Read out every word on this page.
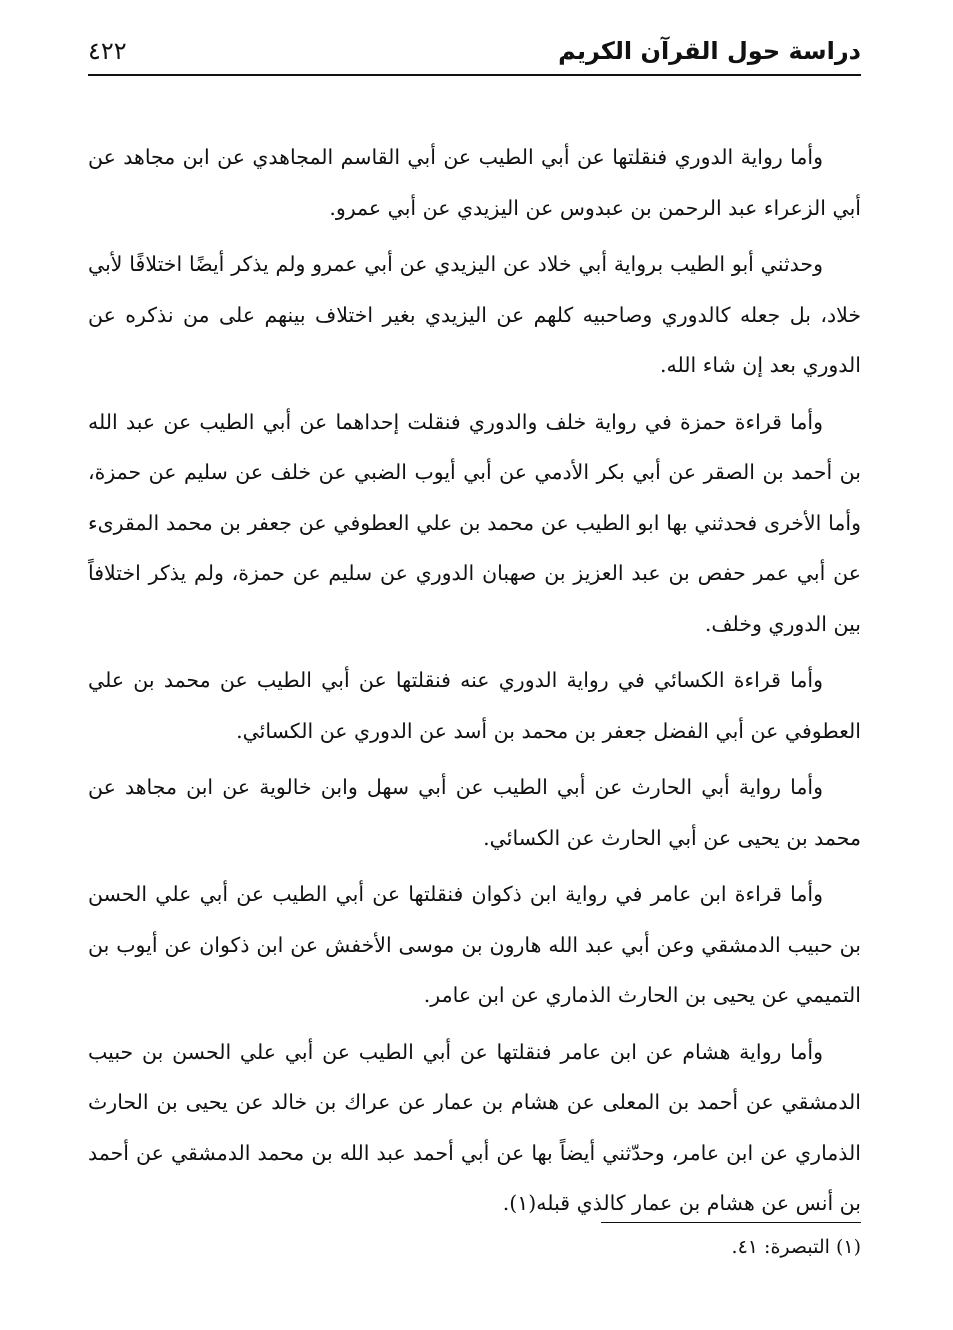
دراسة حول القرآن الكريم
٤٢٢

وأما رواية الدوري فنقلتها عن أبي الطيب عن أبي القاسم المجاهدي عن ابن مجاهد عن أبي الزعراء عبد الرحمن بن عبدوس عن اليزيدي عن أبي عمرو.

وحدثني أبو الطيب برواية أبي خلاد عن اليزيدي عن أبي عمرو ولم يذكر أيضًا اختلافًا لأبي خلاد، بل جعله كالدوري وصاحبيه كلهم عن اليزيدي بغير اختلاف بينهم على من نذكره عن الدوري بعد إن شاء الله.

وأما قراءة حمزة في رواية خلف والدوري فنقلت إحداهما عن أبي الطيب عن عبد الله بن أحمد بن الصقر عن أبي بكر الأدمي عن أبي أيوب الضبي عن خلف عن سليم عن حمزة، وأما الأخرى فحدثني بها ابو الطيب عن محمد بن علي العطوفي عن جعفر بن محمد المقرىء عن أبي عمر حفص بن عبد العزيز بن صهبان الدوري عن سليم عن حمزة، ولم يذكر اختلافاً بين الدوري وخلف.

وأما قراءة الكسائي في رواية الدوري عنه فنقلتها عن أبي الطيب عن محمد بن علي العطوفي عن أبي الفضل جعفر بن محمد بن أسد عن الدوري عن الكسائي.

وأما رواية أبي الحارث عن أبي الطيب عن أبي سهل وابن خالوية عن ابن مجاهد عن محمد بن يحيى عن أبي الحارث عن الكسائي.

وأما قراءة ابن عامر في رواية ابن ذكوان فنقلتها عن أبي الطيب عن أبي علي الحسن بن حبيب الدمشقي وعن أبي عبد الله هارون بن موسى الأخفش عن ابن ذكوان عن أيوب بن التميمي عن يحيى بن الحارث الذماري عن ابن عامر.

وأما رواية هشام عن ابن عامر فنقلتها عن أبي الطيب عن أبي علي الحسن بن حبيب الدمشقي عن أحمد بن المعلى عن هشام بن عمار عن عراك بن خالد عن يحيى بن الحارث الذماري عن ابن عامر، وحدّثني أيضاً بها عن أبي أحمد عبد الله بن محمد الدمشقي عن أحمد بن أنس عن هشام بن عمار كالذي قبله(١).

(١) التبصرة: ٤١.
